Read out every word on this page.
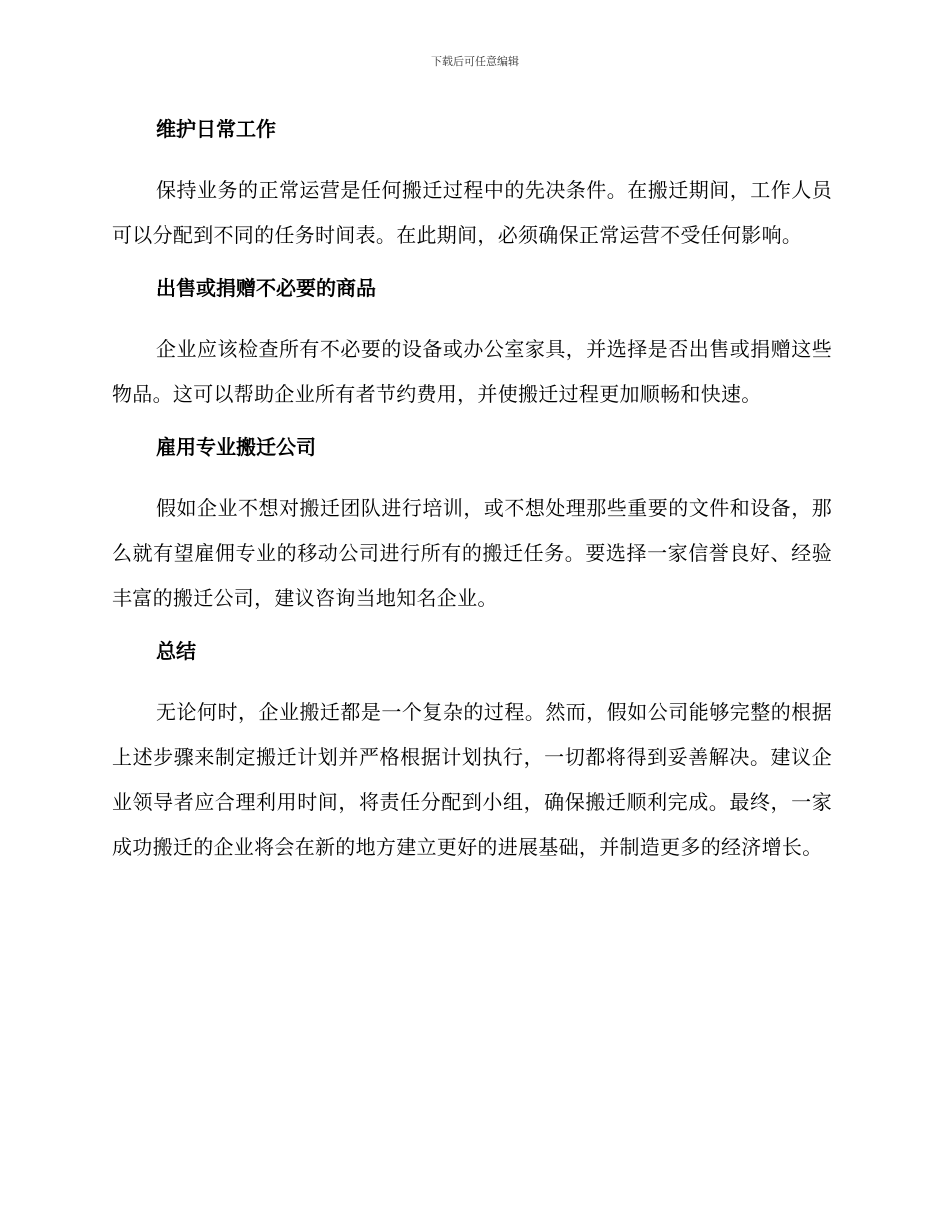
下载后可任意编辑
维护日常工作

保持业务的正常运营是任何搬迁过程中的先决条件。在搬迁期间，工作人员可以分配到不同的任务时间表。在此期间，必须确保正常运营不受任何影响。

出售或捐赠不必要的商品

企业应该检查所有不必要的设备或办公室家具，并选择是否出售或捐赠这些物品。这可以帮助企业所有者节约费用，并使搬迁过程更加顺畅和快速。

雇用专业搬迁公司

假如企业不想对搬迁团队进行培训，或不想处理那些重要的文件和设备，那么就有望雇佣专业的移动公司进行所有的搬迁任务。要选择一家信誉良好、经验丰富的搬迁公司，建议咨询当地知名企业。

总结

无论何时，企业搬迁都是一个复杂的过程。然而，假如公司能够完整的根据上述步骤来制定搬迁计划并严格根据计划执行，一切都将得到妥善解决。建议企业领导者应合理利用时间，将责任分配到小组，确保搬迁顺利完成。最终，一家成功搬迁的企业将会在新的地方建立更好的进展基础，并制造更多的经济增长。
